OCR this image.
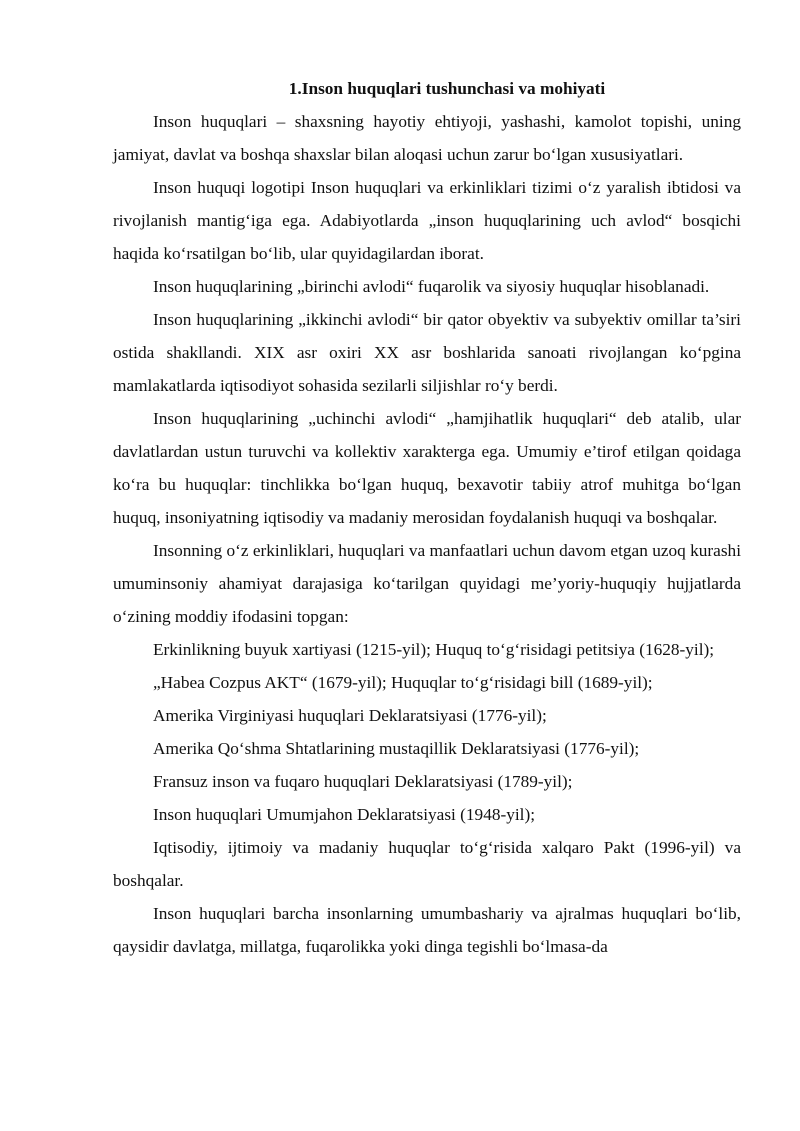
1.Inson huquqlari tushunchasi va mohiyati

Inson huquqlari – shaxsning hayotiy ehtiyoji, yashashi, kamolot topishi, uning jamiyat, davlat va boshqa shaxslar bilan aloqasi uchun zarur bo‘lgan xususiyatlari.

Inson huquqi logotipi Inson huquqlari va erkinliklari tizimi o‘z yaralish ibtidosi va rivojlanish mantig‘iga ega. Adabiyotlarda „inson huquqlarining uch avlod“ bosqichi haqida ko‘rsatilgan bo‘lib, ular quyidagilardan iborat.

Inson huquqlarining „birinchi avlodi“ fuqarolik va siyosiy huquqlar hisoblanadi.

Inson huquqlarining „ikkinchi avlodi“ bir qator obyektiv va subyektiv omillar ta’siri ostida shakllandi. XIX asr oxiri XX asr boshlarida sanoati rivojlangan ko‘pgina mamlakatlarda iqtisodiyot sohasida sezilarli siljishlar ro‘y berdi.

Inson huquqlarining „uchinchi avlodi“ „hamjihatlik huquqlari“ deb atalib, ular davlatlardan ustun turuvchi va kollektiv xarakterga ega. Umumiy e’tirof etilgan qoidaga ko‘ra bu huquqlar: tinchlikka bo‘lgan huquq, bexavotir tabiiy atrof muhitga bo‘lgan huquq, insoniyatning iqtisodiy va madaniy merosidan foydalanish huquqi va boshqalar.

Insonning o‘z erkinliklari, huquqlari va manfaatlari uchun davom etgan uzoq kurashi umuminsoniy ahamiyat darajasiga ko‘tarilgan quyidagi me’yoriy-huquqiy hujjatlarda o‘zining moddiy ifodasini topgan:

Erkinlikning buyuk xartiyasi (1215-yil); Huquq to‘g‘risidagi petitsiya (1628-yil);

„Habea Cozpus AKT“ (1679-yil); Huquqlar to‘g‘risidagi bill (1689-yil);

Amerika Virginiyasi huquqlari Deklaratsiyasi (1776-yil);

Amerika Qo‘shma Shtatlarining mustaqillik Deklaratsiyasi (1776-yil);

Fransuz inson va fuqaro huquqlari Deklaratsiyasi (1789-yil);

Inson huquqlari Umumjahon Deklaratsiyasi (1948-yil);

Iqtisodiy, ijtimoiy va madaniy huquqlar to‘g‘risida xalqaro Pakt (1996-yil) va boshqalar.

Inson huquqlari barcha insonlarning umumbashariy va ajralmas huquqlari bo‘lib, qaysidir davlatga, millatga, fuqarolikka yoki dinga tegishli bo‘lmasa-da
